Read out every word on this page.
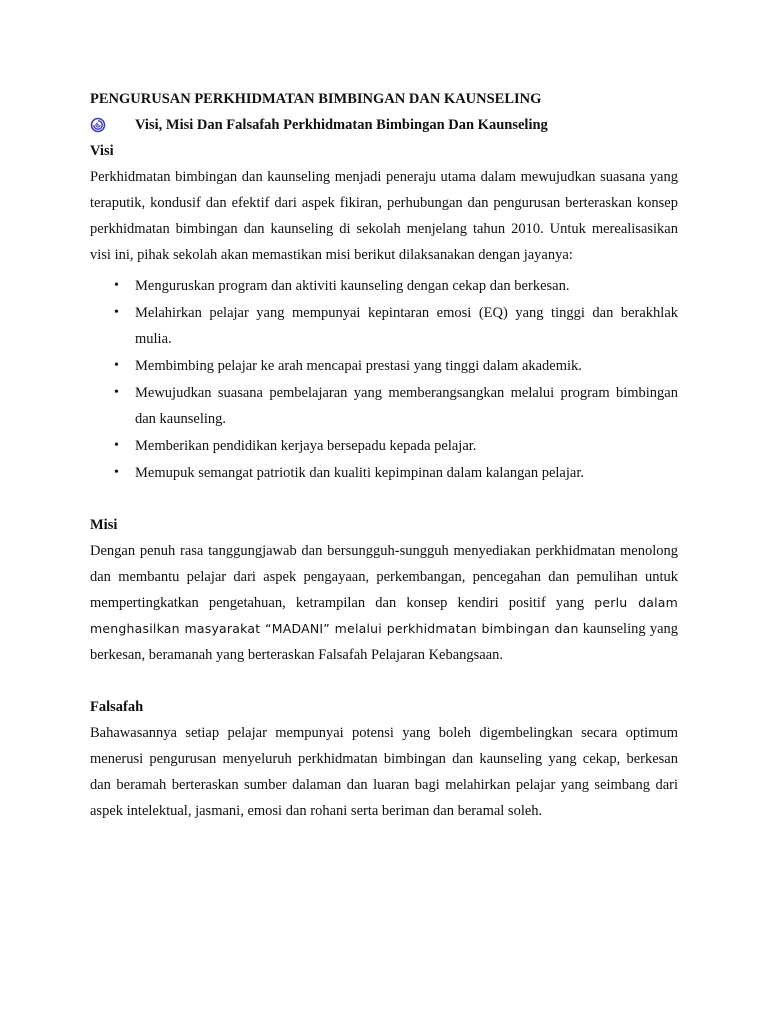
PENGURUSAN PERKHIDMATAN BIMBINGAN DAN KAUNSELING

Visi, Misi Dan Falsafah Perkhidmatan Bimbingan Dan Kaunseling

Visi

Perkhidmatan bimbingan dan kaunseling menjadi peneraju utama dalam mewujudkan suasana yang teraputik, kondusif dan efektif dari aspek fikiran, perhubungan dan pengurusan berteraskan konsep perkhidmatan bimbingan dan kaunseling di sekolah menjelang tahun 2010. Untuk merealisasikan visi ini, pihak sekolah akan memastikan misi berikut dilaksanakan dengan jayanya:

• Menguruskan program dan aktiviti kaunseling dengan cekap dan berkesan.
• Melahirkan pelajar yang mempunyai kepintaran emosi (EQ) yang tinggi dan berakhlak mulia.
• Membimbing pelajar ke arah mencapai prestasi yang tinggi dalam akademik.
• Mewujudkan suasana pembelajaran yang memberangsangkan melalui program bimbingan dan kaunseling.
• Memberikan pendidikan kerjaya bersepadu kepada pelajar.
• Memupuk semangat patriotik dan kualiti kepimpinan dalam kalangan pelajar.

Misi

Dengan penuh rasa tanggungjawab dan bersungguh-sungguh menyediakan perkhidmatan menolong dan membantu pelajar dari aspek pengayaan, perkembangan, pencegahan dan pemulihan untuk mempertingkatkan pengetahuan, ketrampilan dan konsep kendiri positif yang perlu dalam menghasilkan masyarakat “MADANI” melalui perkhidmatan bimbingan dan kaunseling yang berkesan, beramanah yang berteraskan Falsafah Pelajaran Kebangsaan.

Falsafah

Bahawasannya setiap pelajar mempunyai potensi yang boleh digembelingkan secara optimum menerusi pengurusan menyeluruh perkhidmatan bimbingan dan kaunseling yang cekap, berkesan dan beramah berteraskan sumber dalaman dan luaran bagi melahirkan pelajar yang seimbang dari aspek intelektual, jasmani, emosi dan rohani serta beriman dan beramal soleh.
